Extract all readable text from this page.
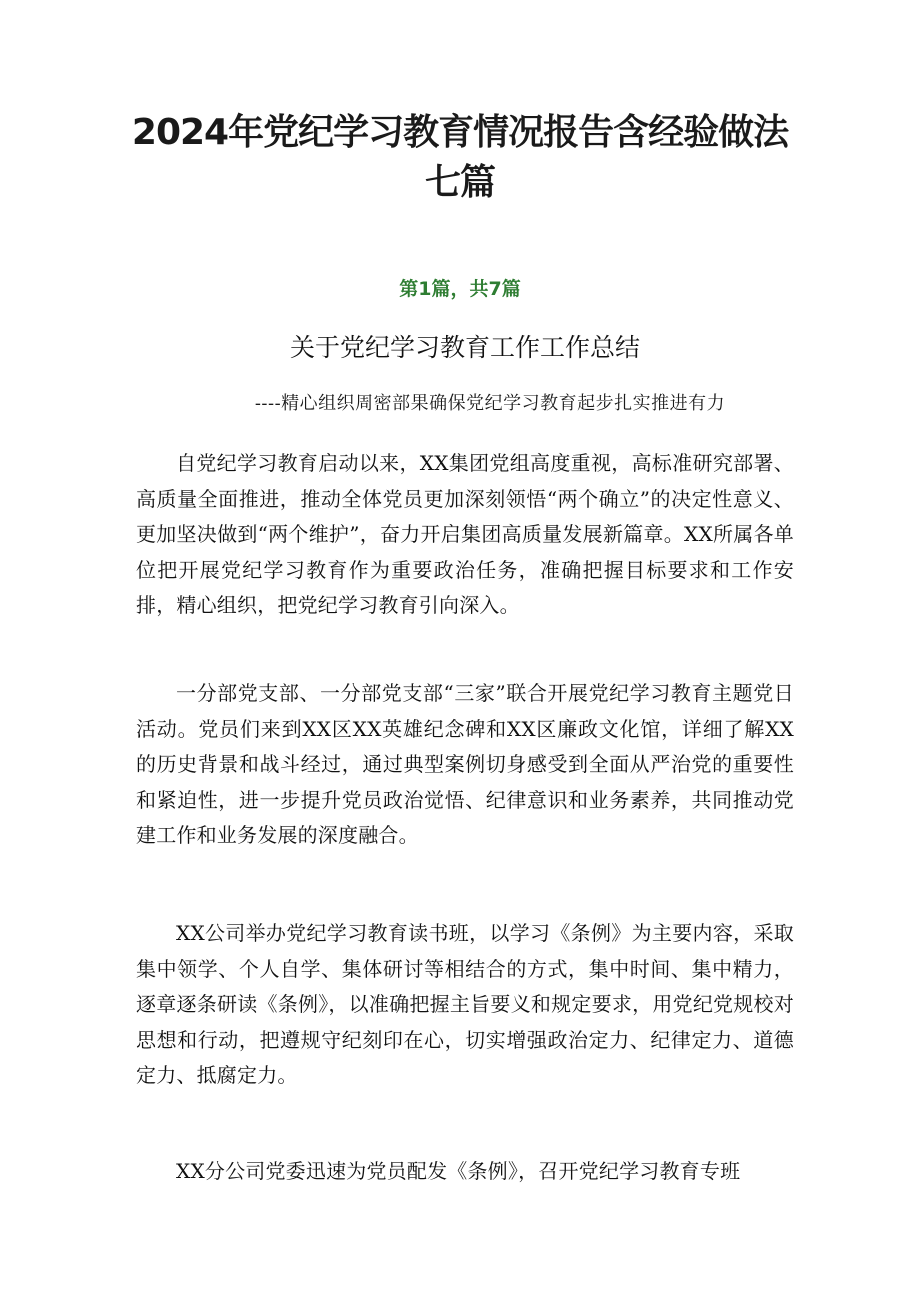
2024年党纪学习教育情况报告含经验做法七篇
第1篇，共7篇
关于党纪学习教育工作工作总结
----精心组织周密部果确保党纪学习教育起步扎实推进有力

自党纪学习教育启动以来，XX集团党组高度重视，高标准研究部署、高质量全面推进，推动全体党员更加深刻领悟“两个确立”的决定性意义、更加坚决做到“两个维护”，奋力开启集团高质量发展新篇章。XX所属各单位把开展党纪学习教育作为重要政治任务，准确把握目标要求和工作安排，精心组织，把党纪学习教育引向深入。

一分部党支部、一分部党支部“三家”联合开展党纪学习教育主题党日活动。党员们来到XX区XX英雄纪念碑和XX区廉政文化馆，详细了解XX的历史背景和战斗经过，通过典型案例切身感受到全面从严治党的重要性和紧迫性，进一步提升党员政治觉悟、纪律意识和业务素养，共同推动党建工作和业务发展的深度融合。

XX公司举办党纪学习教育读书班，以学习《条例》为主要内容，采取集中领学、个人自学、集体研讨等相结合的方式，集中时间、集中精力，逐章逐条研读《条例》，以准确把握主旨要义和规定要求，用党纪党规校对思想和行动，把遵规守纪刻印在心，切实增强政治定力、纪律定力、道德定力、抵腐定力。

XX分公司党委迅速为党员配发《条例》，召开党纪学习教育专班
